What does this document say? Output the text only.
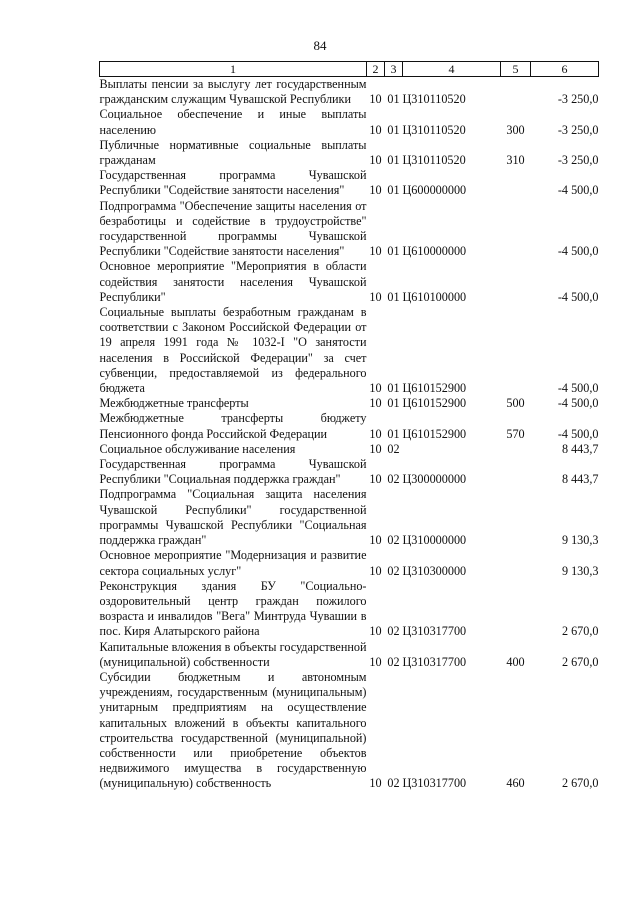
84
1	2	3	4	5	6
Выплаты пенсии за выслугу лет государственным гражданским служащим Чувашской Республики	10	01	Ц310110520		-3 250,0
Социальное обеспечение и иные выплаты населению	10	01	Ц310110520	300	-3 250,0
Публичные нормативные социальные выплаты гражданам	10	01	Ц310110520	310	-3 250,0
Государственная программа Чувашской Республики "Содействие занятости населения"	10	01	Ц600000000		-4 500,0
Подпрограмма "Обеспечение защиты населения от безработицы и содействие в трудоустройстве" государственной программы Чувашской Республики "Содействие занятости населения"	10	01	Ц610000000		-4 500,0
Основное мероприятие "Мероприятия в области содействия занятости населения Чувашской Республики"	10	01	Ц610100000		-4 500,0
Социальные выплаты безработным гражданам в соответствии с Законом Российской Федерации от 19 апреля 1991 года № 1032-I "О занятости населения в Российской Федерации" за счет субвенции, предоставляемой из федерального бюджета	10	01	Ц610152900		-4 500,0
Межбюджетные трансферты	10	01	Ц610152900	500	-4 500,0
Межбюджетные трансферты бюджету Пенсионного фонда Российской Федерации	10	01	Ц610152900	570	-4 500,0
Социальное обслуживание населения	10	02			8 443,7
Государственная программа Чувашской Республики "Социальная поддержка граждан"	10	02	Ц300000000		8 443,7
Подпрограмма "Социальная защита населения Чувашской Республики" государственной программы Чувашской Республики "Социальная поддержка граждан"	10	02	Ц310000000		9 130,3
Основное мероприятие "Модернизация и развитие сектора социальных услуг"	10	02	Ц310300000		9 130,3
Реконструкция здания БУ "Социально-оздоровительный центр граждан пожилого возраста и инвалидов "Вега" Минтруда Чувашии в пос. Киря Алатырского района	10	02	Ц310317700		2 670,0
Капитальные вложения в объекты государственной (муниципальной) собственности	10	02	Ц310317700	400	2 670,0
Субсидии бюджетным и автономным учреждениям, государственным (муниципальным) унитарным предприятиям на осуществление капитальных вложений в объекты капитального строительства государственной (муниципальной) собственности или приобретение объектов недвижимого имущества в государственную (муниципальную) собственность	10	02	Ц310317700	460	2 670,0
